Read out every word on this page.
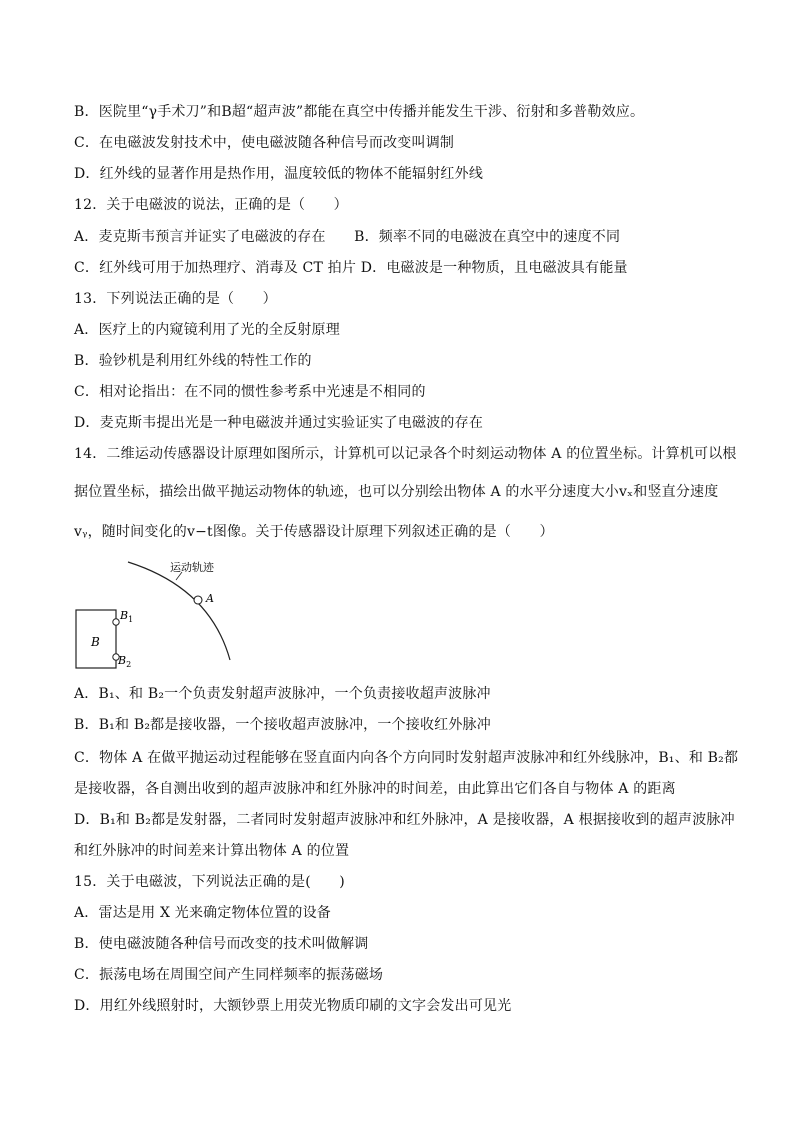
B．医院里“γ手术刀”和B超“超声波”都能在真空中传播并能发生干涉、衍射和多普勒效应。
C．在电磁波发射技术中，使电磁波随各种信号而改变叫调制
D．红外线的显著作用是热作用，温度较低的物体不能辐射红外线
12．关于电磁波的说法，正确的是（　　）
A．麦克斯韦预言并证实了电磁波的存在　　B．频率不同的电磁波在真空中的速度不同
C．红外线可用于加热理疗、消毒及 CT 拍片 D．电磁波是一种物质，且电磁波具有能量
13．下列说法正确的是（　　）
A．医疗上的内窥镜利用了光的全反射原理
B．验钞机是利用红外线的特性工作的
C．相对论指出：在不同的惯性参考系中光速是不相同的
D．麦克斯韦提出光是一种电磁波并通过实验证实了电磁波的存在
14．二维运动传感器设计原理如图所示，计算机可以记录各个时刻运动物体 A 的位置坐标。计算机可以根
据位置坐标，描绘出做平抛运动物体的轨迹，也可以分别绘出物体 A 的水平分速度大小vₓ和竖直分速度
vᵧ，随时间变化的v−t图像。关于传感器设计原理下列叙述正确的是（　　）
运动轨迹
A
B
$B_1$
$B_2$
A．B₁、和 B₂一个负责发射超声波脉冲，一个负责接收超声波脉冲
B．B₁和 B₂都是接收器，一个接收超声波脉冲，一个接收红外脉冲
C．物体 A 在做平抛运动过程能够在竖直面内向各个方向同时发射超声波脉冲和红外线脉冲，B₁、和 B₂都
是接收器，各自测出收到的超声波脉冲和红外脉冲的时间差，由此算出它们各自与物体 A 的距离
D．B₁和 B₂都是发射器，二者同时发射超声波脉冲和红外脉冲，A 是接收器，A 根据接收到的超声波脉冲
和红外脉冲的时间差来计算出物体 A 的位置
15．关于电磁波，下列说法正确的是(　　)
A．雷达是用 X 光来确定物体位置的设备
B．使电磁波随各种信号而改变的技术叫做解调
C．振荡电场在周围空间产生同样频率的振荡磁场
D．用红外线照射时，大额钞票上用荧光物质印刷的文字会发出可见光
